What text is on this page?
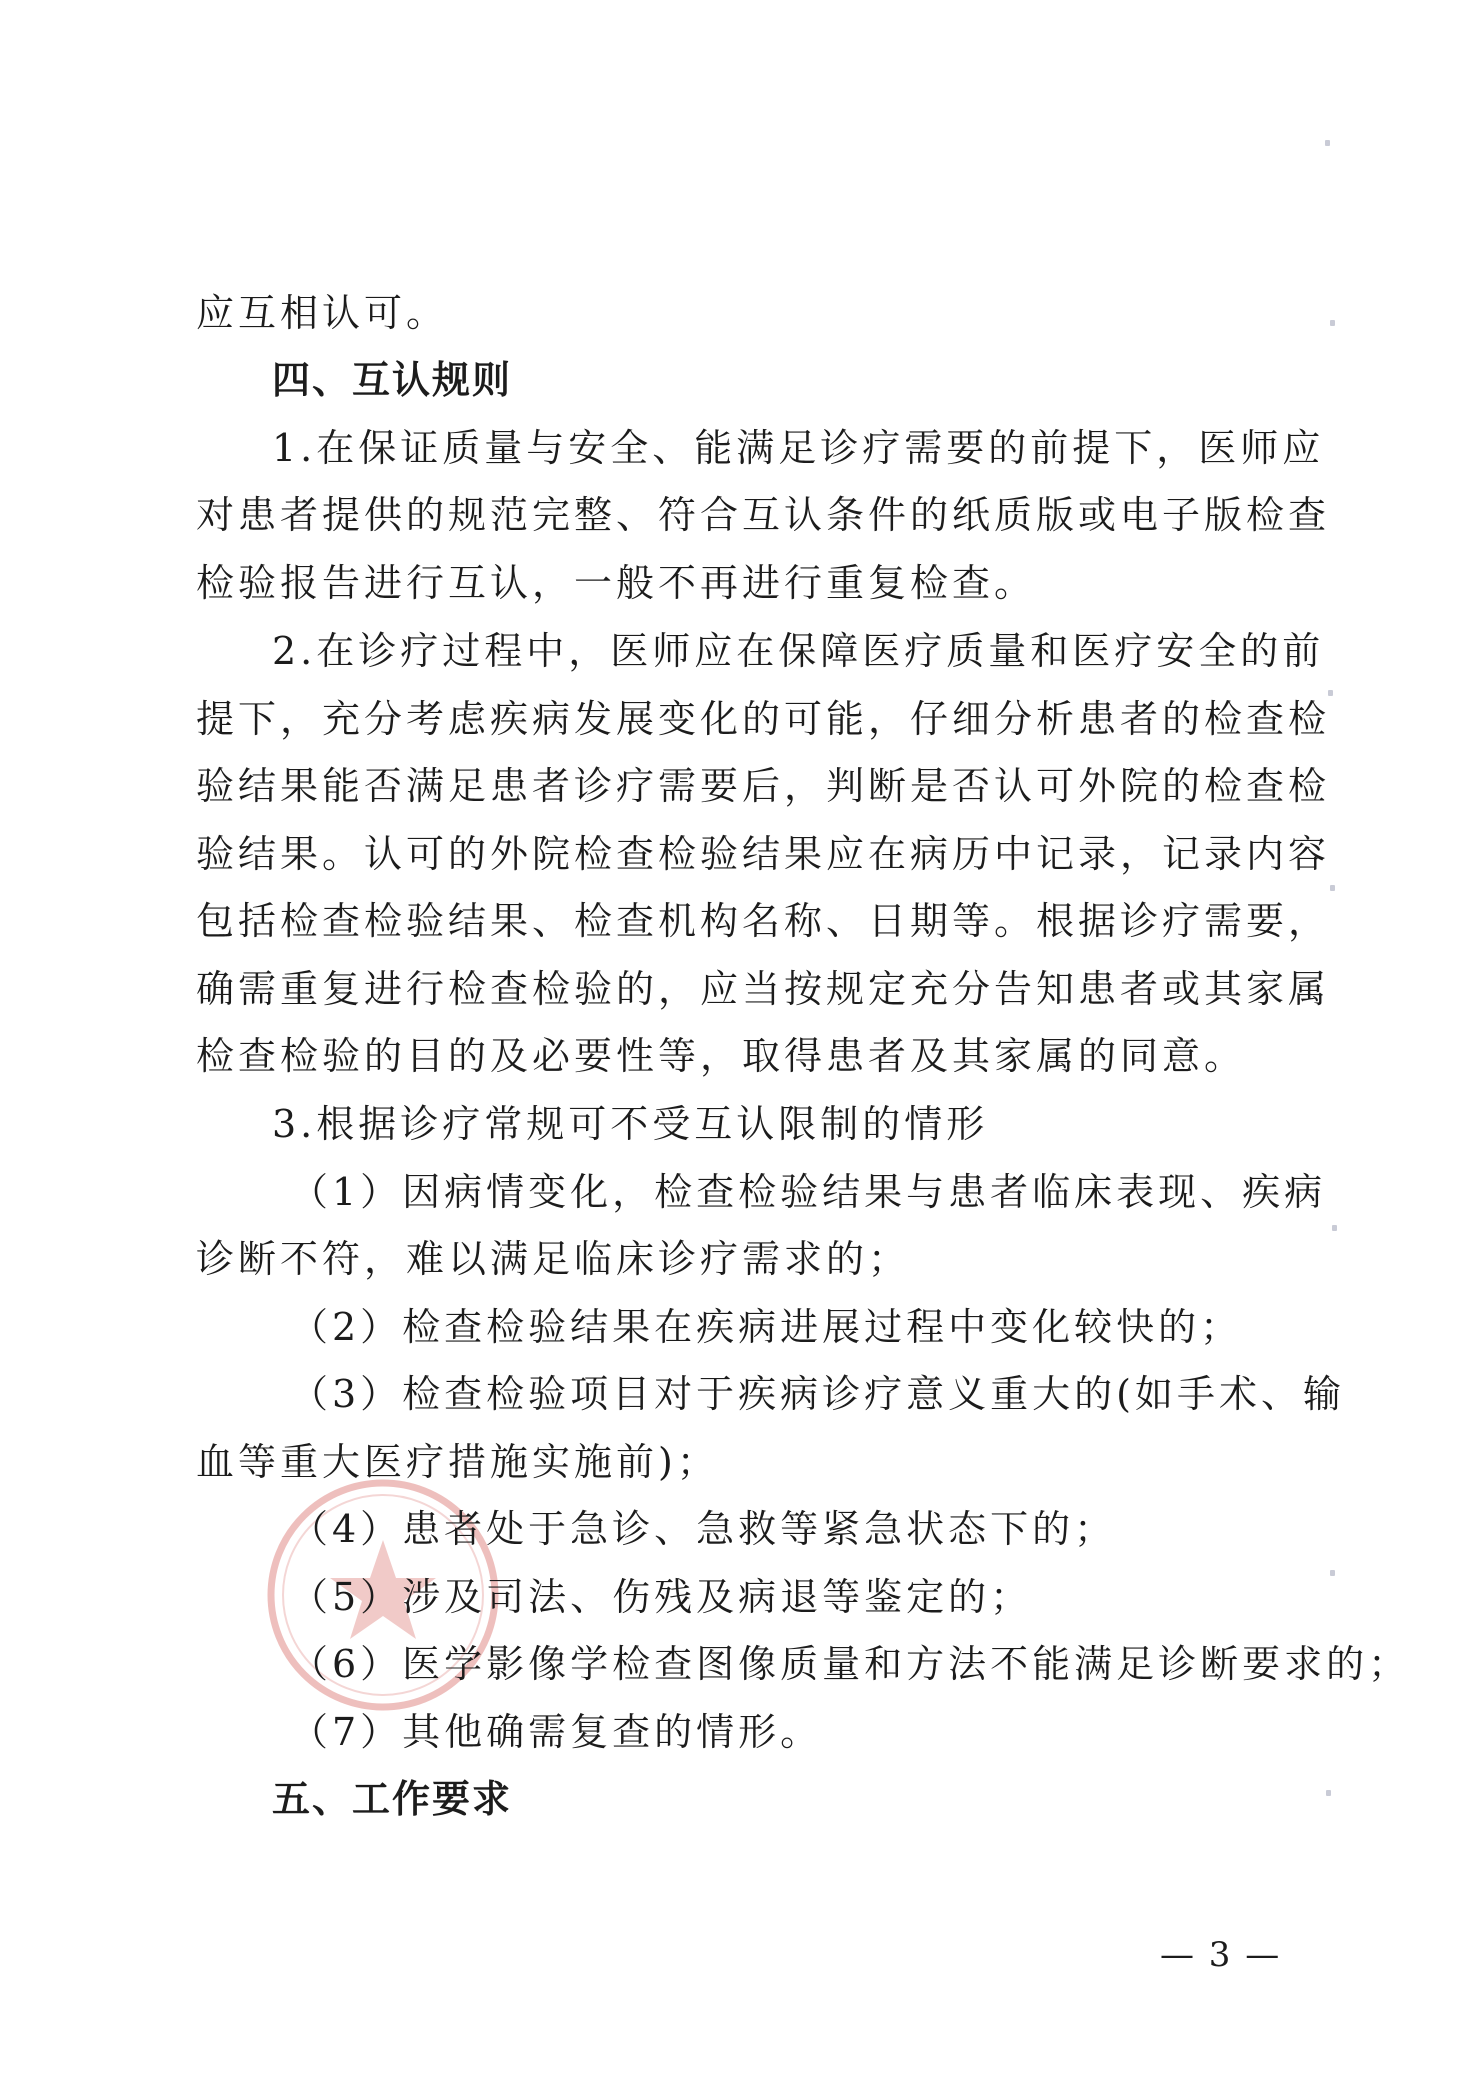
应互相认可。
四、互认规则
1.在保证质量与安全、能满足诊疗需要的前提下，医师应
对患者提供的规范完整、符合互认条件的纸质版或电子版检查
检验报告进行互认，一般不再进行重复检查。
2.在诊疗过程中，医师应在保障医疗质量和医疗安全的前
提下，充分考虑疾病发展变化的可能，仔细分析患者的检查检
验结果能否满足患者诊疗需要后，判断是否认可外院的检查检
验结果。认可的外院检查检验结果应在病历中记录，记录内容
包括检查检验结果、检查机构名称、日期等。根据诊疗需要，
确需重复进行检查检验的，应当按规定充分告知患者或其家属
检查检验的目的及必要性等，取得患者及其家属的同意。
3.根据诊疗常规可不受互认限制的情形
（1）因病情变化，检查检验结果与患者临床表现、疾病
诊断不符，难以满足临床诊疗需求的；
（2）检查检验结果在疾病进展过程中变化较快的；
（3）检查检验项目对于疾病诊疗意义重大的(如手术、输
血等重大医疗措施实施前)；
（4）患者处于急诊、急救等紧急状态下的；
（5）涉及司法、伤残及病退等鉴定的；
（6）医学影像学检查图像质量和方法不能满足诊断要求的；
（7）其他确需复查的情形。
五、工作要求
— 3 —
